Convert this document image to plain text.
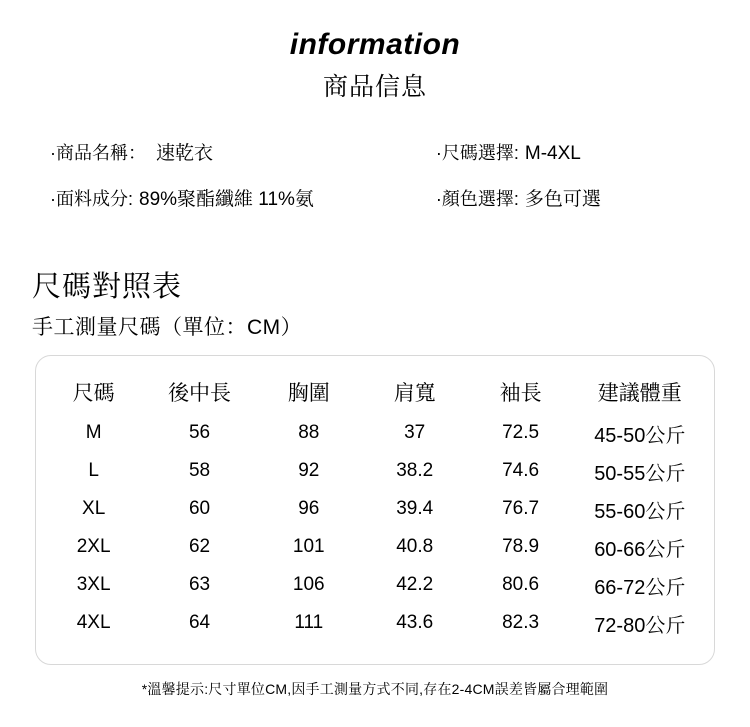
information
商品信息
·商品名稱： 速乾衣
·面料成分: 89%聚酯纖維 11%氨
·尺碼選擇: M-4XL
·顏色選擇: 多色可選
尺碼對照表
手工測量尺碼（單位：CM）
尺碼	後中長	胸圍	肩寬	袖長	建議體重
M	56	88	37	72.5	45-50公斤
L	58	92	38.2	74.6	50-55公斤
XL	60	96	39.4	76.7	55-60公斤
2XL	62	101	40.8	78.9	60-66公斤
3XL	63	106	42.2	80.6	66-72公斤
4XL	64	111	43.6	82.3	72-80公斤
*溫馨提示:尺寸單位CM,因手工測量方式不同,存在2-4CM誤差皆屬合理範圍
